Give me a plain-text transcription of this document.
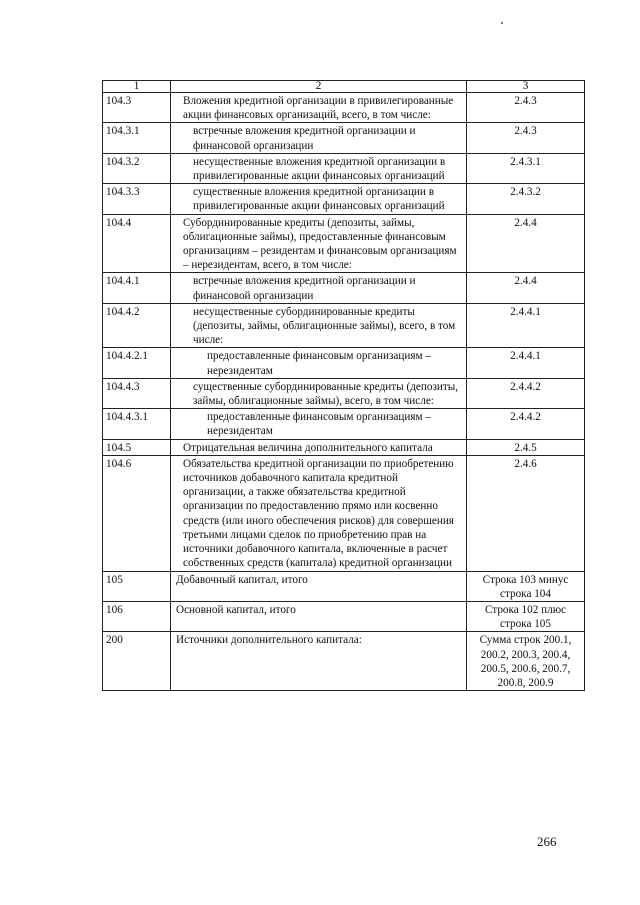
1	2	3
104.3	Вложения кредитной организации в привилегированные акции финансовых организаций, всего, в том числе:	2.4.3
104.3.1	встречные вложения кредитной организации и финансовой организации	2.4.3
104.3.2	несущественные вложения кредитной организации в привилегированные акции финансовых организаций	2.4.3.1
104.3.3	существенные вложения кредитной организации в привилегированные акции финансовых организаций	2.4.3.2
104.4	Субординированные кредиты (депозиты, займы, облигационные займы), предоставленные финансовым организациям – резидентам и финансовым организациям – нерезидентам, всего, в том числе:	2.4.4
104.4.1	встречные вложения кредитной организации и финансовой организации	2.4.4
104.4.2	несущественные субординированные кредиты (депозиты, займы, облигационные займы), всего, в том числе:	2.4.4.1
104.4.2.1	предоставленные финансовым организациям – нерезидентам	2.4.4.1
104.4.3	существенные субординированные кредиты (депозиты, займы, облигационные займы), всего, в том числе:	2.4.4.2
104.4.3.1	предоставленные финансовым организациям – нерезидентам	2.4.4.2
104.5	Отрицательная величина дополнительного капитала	2.4.5
104.6	Обязательства кредитной организации по приобретению источников добавочного капитала кредитной организации, а также обязательства кредитной организации по предоставлению прямо или косвенно средств (или иного обеспечения рисков) для совершения третьими лицами сделок по приобретению прав на источники добавочного капитала, включенные в расчет собственных средств (капитала) кредитной организации	2.4.6
105	Добавочный капитал, итого	Строка 103 минус строка 104
106	Основной капитал, итого	Строка 102 плюс строка 105
200	Источники дополнительного капитала:	Сумма строк 200.1, 200.2, 200.3, 200.4, 200.5, 200.6, 200.7, 200.8, 200.9
266
